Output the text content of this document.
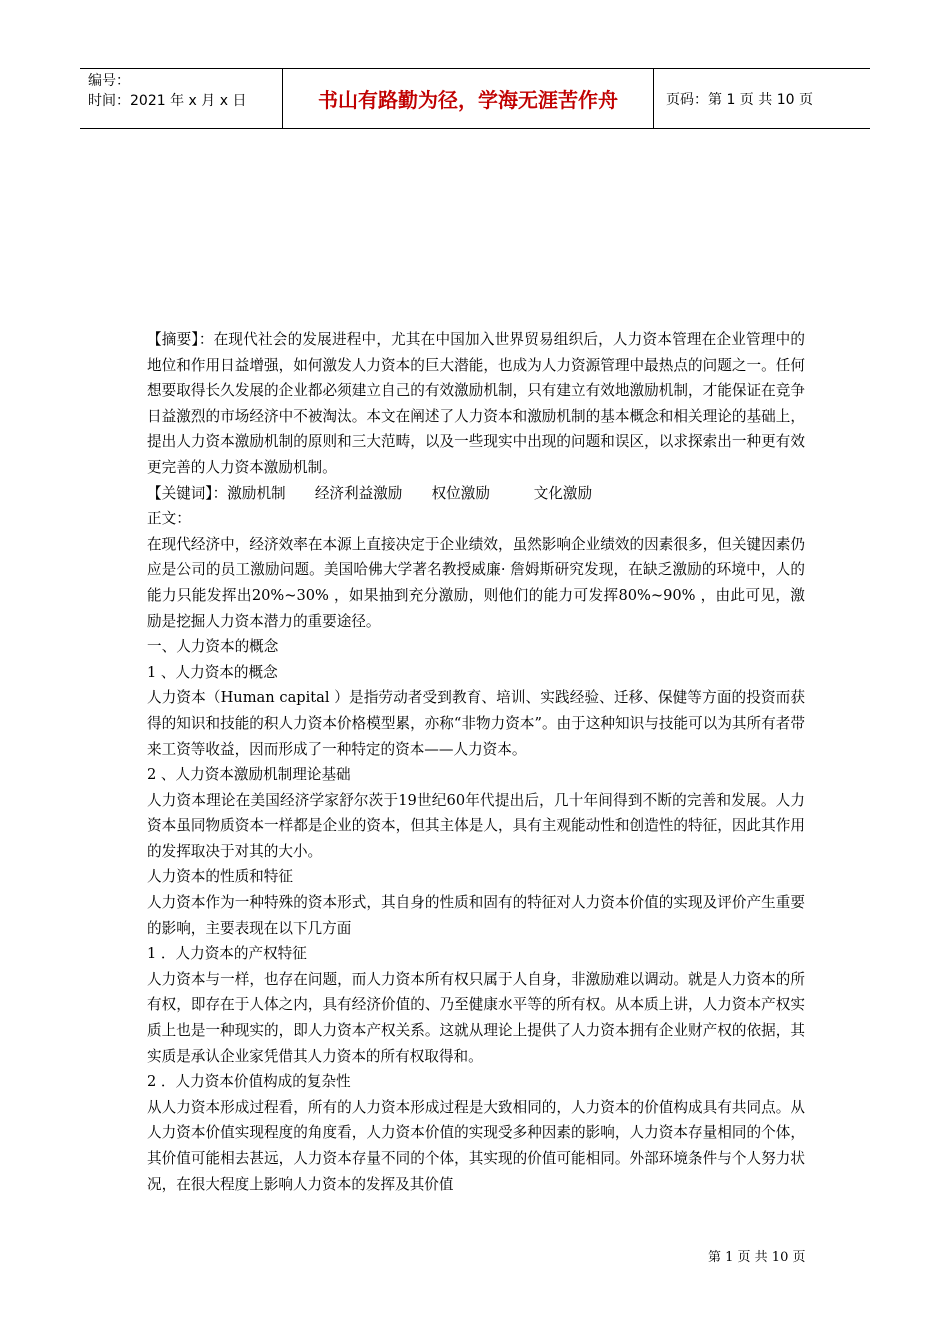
编号：
时间：2021 年 x 月 x 日	书山有路勤为径，学海无涯苦作舟	页码：第 1 页 共 10 页

【摘要】：在现代社会的发展进程中，尤其在中国加入世界贸易组织后，人力资本管理在企业管理中的地位和作用日益增强，如何激发人力资本的巨大潜能，也成为人力资源管理中最热点的问题之一。任何想要取得长久发展的企业都必须建立自己的有效激励机制，只有建立有效地激励机制，才能保证在竞争日益激烈的市场经济中不被淘汰。本文在阐述了人力资本和激励机制的基本概念和相关理论的基础上，提出人力资本激励机制的原则和三大范畴，以及一些现实中出现的问题和误区，以求探索出一种更有效更完善的人力资本激励机制。

【关键词】：激励机制　　经济利益激励　　权位激励　　　文化激励

正文：

在现代经济中，经济效率在本源上直接决定于企业绩效，虽然影响企业绩效的因素很多，但关键因素仍应是公司的员工激励问题。美国哈佛大学著名教授威廉· 詹姆斯研究发现，在缺乏激励的环境中，人的能力只能发挥出20%~30% ，如果抽到充分激励，则他们的能力可发挥80%~90% ，由此可见，激励是挖掘人力资本潜力的重要途径。

一、人力资本的概念

1 、人力资本的概念

人力资本（Human capital ）是指劳动者受到教育、培训、实践经验、迁移、保健等方面的投资而获得的知识和技能的积人力资本价格模型累，亦称“非物力资本”。由于这种知识与技能可以为其所有者带来工资等收益，因而形成了一种特定的资本——人力资本。

2 、人力资本激励机制理论基础

人力资本理论在美国经济学家舒尔茨于19世纪60年代提出后，几十年间得到不断的完善和发展。人力资本虽同物质资本一样都是企业的资本，但其主体是人，具有主观能动性和创造性的特征，因此其作用的发挥取决于对其的大小。

人力资本的性质和特征

人力资本作为一种特殊的资本形式，其自身的性质和固有的特征对人力资本价值的实现及评价产生重要的影响，主要表现在以下几方面

1 ．人力资本的产权特征

人力资本与一样，也存在问题，而人力资本所有权只属于人自身，非激励难以调动。就是人力资本的所有权，即存在于人体之内，具有经济价值的、乃至健康水平等的所有权。从本质上讲，人力资本产权实质上也是一种现实的，即人力资本产权关系。这就从理论上提供了人力资本拥有企业财产权的依据，其实质是承认企业家凭借其人力资本的所有权取得和。

2 ．人力资本价值构成的复杂性

从人力资本形成过程看，所有的人力资本形成过程是大致相同的，人力资本的价值构成具有共同点。从人力资本价值实现程度的角度看，人力资本价值的实现受多种因素的影响，人力资本存量相同的个体，其价值可能相去甚远，人力资本存量不同的个体，其实现的价值可能相同。外部环境条件与个人努力状况，在很大程度上影响人力资本的发挥及其价值

第 1 页 共 10 页
